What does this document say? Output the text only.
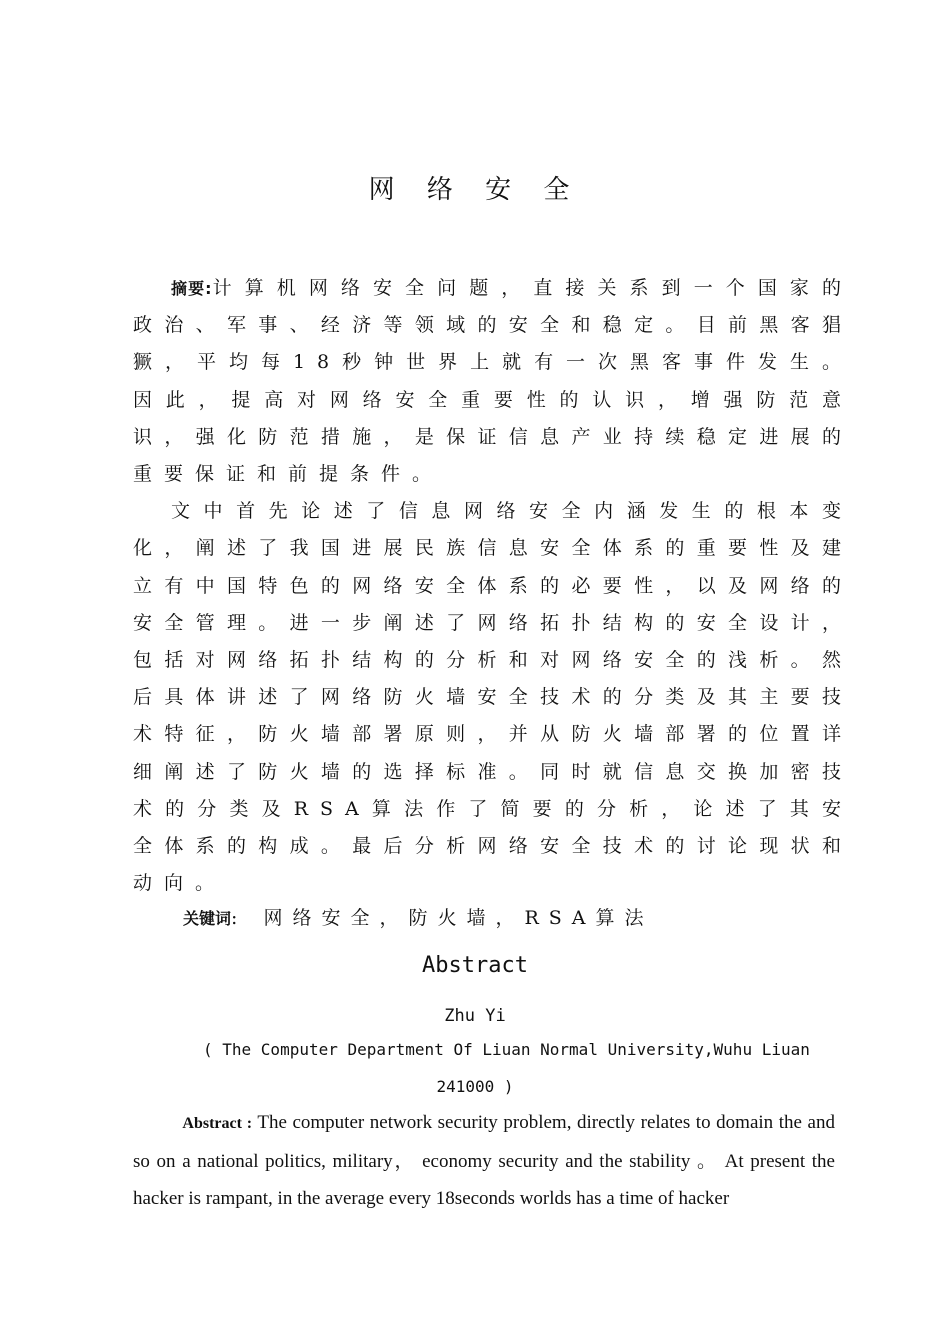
网 络 安 全

摘要:计算机网络安全问题，直接关系到一个国家的政治、军事、经济等领域的安全和稳定。目前黑客猖獗，平均每18秒钟世界上就有一次黑客事件发生。因此，提高对网络安全重要性的认识，增强防范意识，强化防范措施，是保证信息产业持续稳定进展的重要保证和前提条件。

文中首先论述了信息网络安全内涵发生的根本变化，阐述了我国进展民族信息安全体系的重要性及建立有中国特色的网络安全体系的必要性，以及网络的安全管理。进一步阐述了网络拓扑结构的安全设计，包括对网络拓扑结构的分析和对网络安全的浅析。然后具体讲述了网络防火墙安全技术的分类及其主要技术特征，防火墙部署原则，并从防火墙部署的位置详细阐述了防火墙的选择标准。同时就信息交换加密技术的分类及RSA算法作了简要的分析，论述了其安全体系的构成。最后分析网络安全技术的讨论现状和动向。

关键词: 网络安全，防火墙，RSA算法
Abstract
Zhu Yi
( The Computer Department Of Liuan Normal University,Wuhu Liuan
241000 )

Abstract : The computer network security problem, directly relates to domain the and so on a national politics, military， economy security and the stability 。 At present the hacker is rampant, in the average every 18seconds worlds has a time of hacker
